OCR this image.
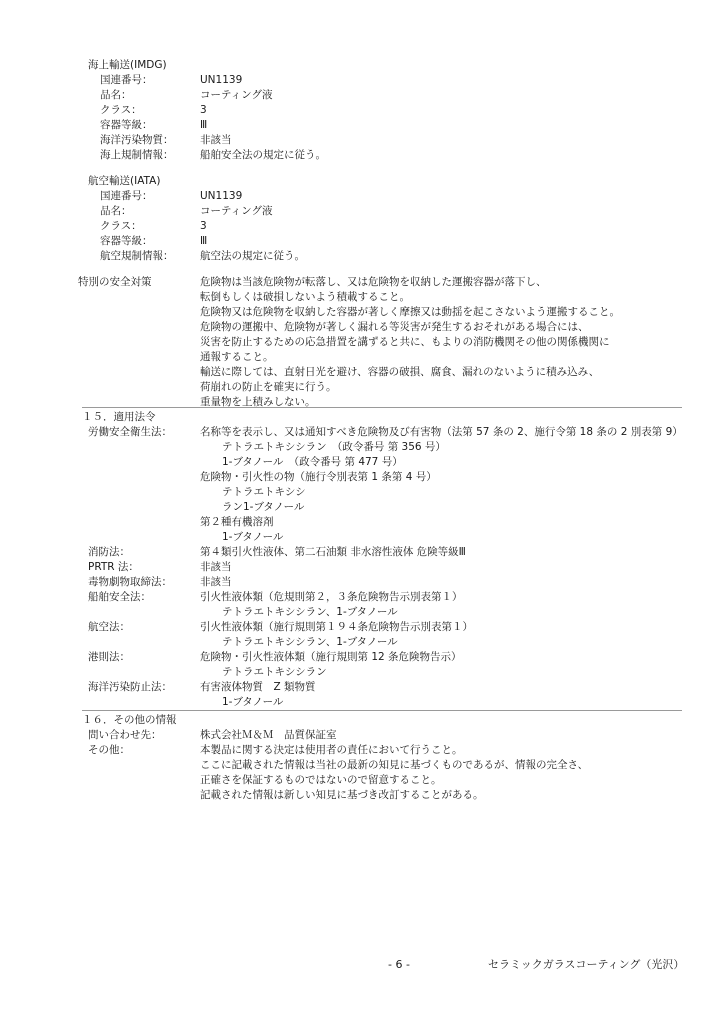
海上輸送(IMDG)
国連番号：	UN1139
品名：	コーティング液
クラス：	3
容器等級：	Ⅲ
海洋汚染物質：	非該当
海上規制情報：	船舶安全法の規定に従う。
航空輸送(IATA)
国連番号：	UN1139
品名：	コーティング液
クラス：	3
容器等級：	Ⅲ
航空規制情報：	航空法の規定に従う。
特別の安全対策	危険物は当該危険物が転落し、又は危険物を収納した運搬容器が落下し、
転倒もしくは破損しないよう積載すること。
危険物又は危険物を収納した容器が著しく摩擦又は動揺を起こさないよう運搬すること。
危険物の運搬中、危険物が著しく漏れる等災害が発生するおそれがある場合には、
災害を防止するための応急措置を講ずると共に、もよりの消防機関その他の関係機関に
通報すること。
輸送に際しては、直射日光を避け、容器の破損、腐食、漏れのないように積み込み、
荷崩れの防止を確実に行う。
重量物を上積みしない。
１５．適用法令
労働安全衛生法：	名称等を表示し、又は通知すべき危険物及び有害物（法第 57 条の 2、施行令第 18 条の 2 別表第 9）
テトラエトキシシラン　（政令番号 第 356 号）
1-ブタノール　（政令番号 第 477 号）
危険物・引火性の物（施行令別表第 1 条第 4 号）
テトラエトキシシ
ラン1-ブタノール
第２種有機溶剤
1-ブタノール
消防法：	第４類引火性液体、第二石油類 非水溶性液体 危険等級Ⅲ
PRTR 法：	非該当
毒物劇物取締法：	非該当
船舶安全法：	引火性液体類（危規則第２，３条危険物告示別表第１）
テトラエトキシシラン、1-ブタノール
航空法：	引火性液体類（施行規則第１９４条危険物告示別表第１）
テトラエトキシシラン、1-ブタノール
港則法：	危険物・引火性液体類（施行規則第 12 条危険物告示）
テトラエトキシシラン
海洋汚染防止法：	有害液体物質　Z 類物質
1-ブタノール
１６．その他の情報
問い合わせ先：	株式会社Ｍ＆Ｍ　品質保証室
その他：	本製品に関する決定は使用者の責任において行うこと。
ここに記載された情報は当社の最新の知見に基づくものであるが、情報の完全さ、
正確さを保証するものではないので留意すること。
記載された情報は新しい知見に基づき改訂することがある。
- 6 -	セラミックガラスコーティング（光沢）
